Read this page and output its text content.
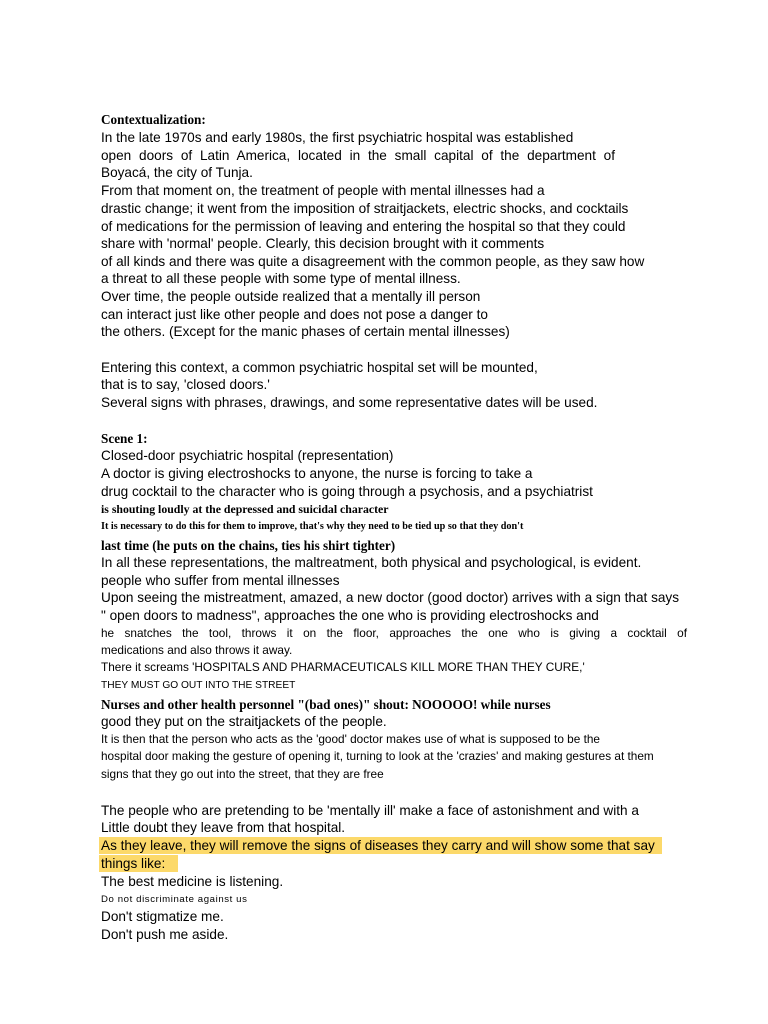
Contextualization:
In the late 1970s and early 1980s, the first psychiatric hospital was established
open doors of Latin America, located in the small capital of the department of
Boyacá, the city of Tunja.
From that moment on, the treatment of people with mental illnesses had a
drastic change; it went from the imposition of straitjackets, electric shocks, and cocktails
of medications for the permission of leaving and entering the hospital so that they could
share with 'normal' people. Clearly, this decision brought with it comments
of all kinds and there was quite a disagreement with the common people, as they saw how
a threat to all these people with some type of mental illness.
Over time, the people outside realized that a mentally ill person
can interact just like other people and does not pose a danger to
the others. (Except for the manic phases of certain mental illnesses)
Entering this context, a common psychiatric hospital set will be mounted,
that is to say, 'closed doors.'
Several signs with phrases, drawings, and some representative dates will be used.
Scene 1:
Closed-door psychiatric hospital (representation)
A doctor is giving electroshocks to anyone, the nurse is forcing to take a
drug cocktail to the character who is going through a psychosis, and a psychiatrist
is shouting loudly at the depressed and suicidal character
It is necessary to do this for them to improve, that's why they need to be tied up so that they don't
last time (he puts on the chains, ties his shirt tighter)
In all these representations, the maltreatment, both physical and psychological, is evident.
people who suffer from mental illnesses
Upon seeing the mistreatment, amazed, a new doctor (good doctor) arrives with a sign that says
" open doors to madness", approaches the one who is providing electroshocks and
he snatches the tool, throws it on the floor, approaches the one who is giving a cocktail of
medications and also throws it away.
There it screams 'HOSPITALS AND PHARMACEUTICALS KILL MORE THAN THEY CURE,'
THEY MUST GO OUT INTO THE STREET
Nurses and other health personnel "(bad ones)" shout: NOOOOO! while nurses
good they put on the straitjackets of the people.
It is then that the person who acts as the 'good' doctor makes use of what is supposed to be the
hospital door making the gesture of opening it, turning to look at the 'crazies' and making gestures at them
signs that they go out into the street, that they are free
The people who are pretending to be 'mentally ill' make a face of astonishment and with a
Little doubt they leave from that hospital.
As they leave, they will remove the signs of diseases they carry and will show some that say
things like:
The best medicine is listening.
Do not discriminate against us
Don't stigmatize me.
Don't push me aside.
